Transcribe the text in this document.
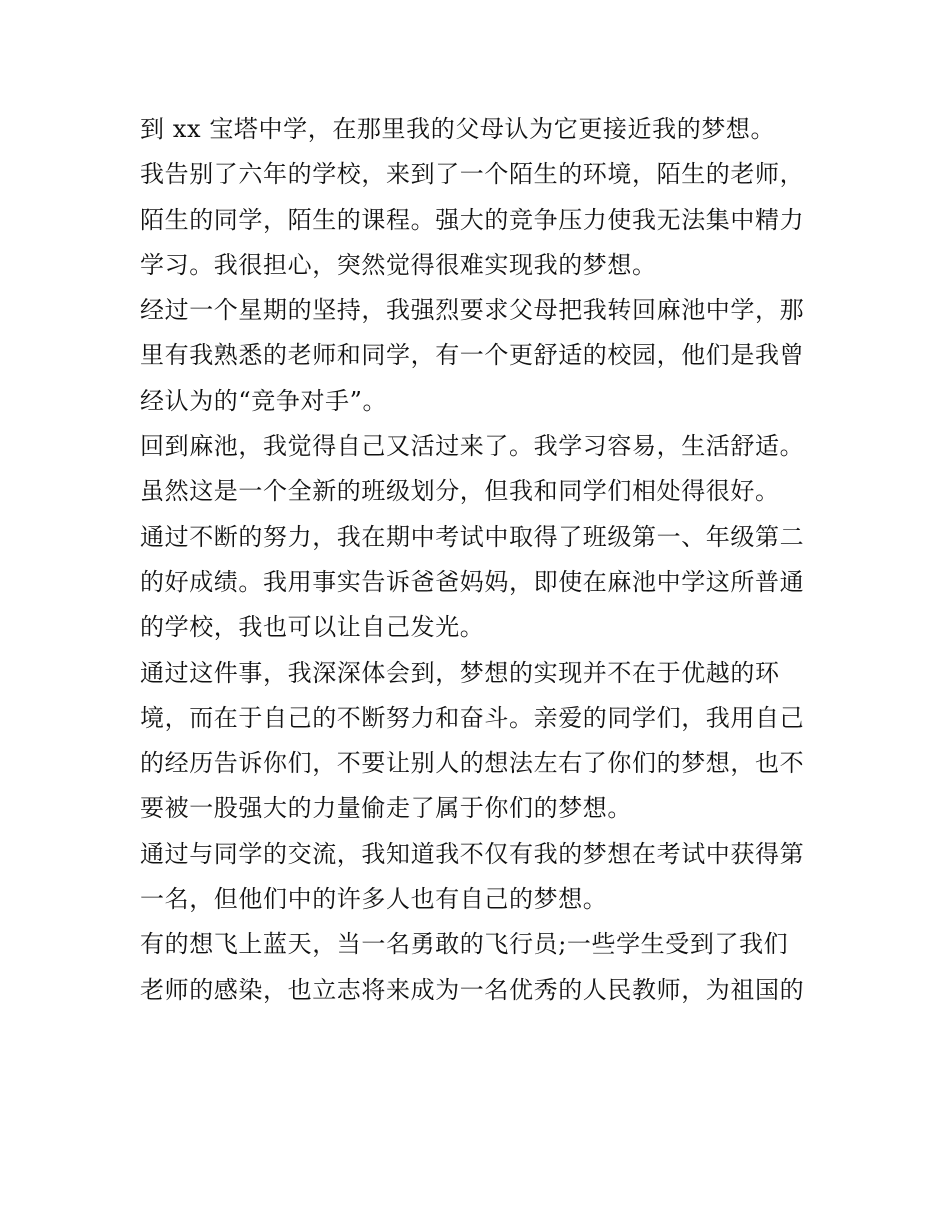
到 xx 宝塔中学，在那里我的父母认为它更接近我的梦想。
我告别了六年的学校，来到了一个陌生的环境，陌生的老师，
陌生的同学，陌生的课程。强大的竞争压力使我无法集中精力
学习。我很担心，突然觉得很难实现我的梦想。
经过一个星期的坚持，我强烈要求父母把我转回麻池中学，那
里有我熟悉的老师和同学，有一个更舒适的校园，他们是我曾
经认为的“竞争对手”。
回到麻池，我觉得自己又活过来了。我学习容易，生活舒适。
虽然这是一个全新的班级划分，但我和同学们相处得很好。
通过不断的努力，我在期中考试中取得了班级第一、年级第二
的好成绩。我用事实告诉爸爸妈妈，即使在麻池中学这所普通
的学校，我也可以让自己发光。
通过这件事，我深深体会到，梦想的实现并不在于优越的环
境，而在于自己的不断努力和奋斗。亲爱的同学们，我用自己
的经历告诉你们，不要让别人的想法左右了你们的梦想，也不
要被一股强大的力量偷走了属于你们的梦想。
通过与同学的交流，我知道我不仅有我的梦想在考试中获得第
一名，但他们中的许多人也有自己的梦想。
有的想飞上蓝天，当一名勇敢的飞行员;一些学生受到了我们
老师的感染，也立志将来成为一名优秀的人民教师，为祖国的
